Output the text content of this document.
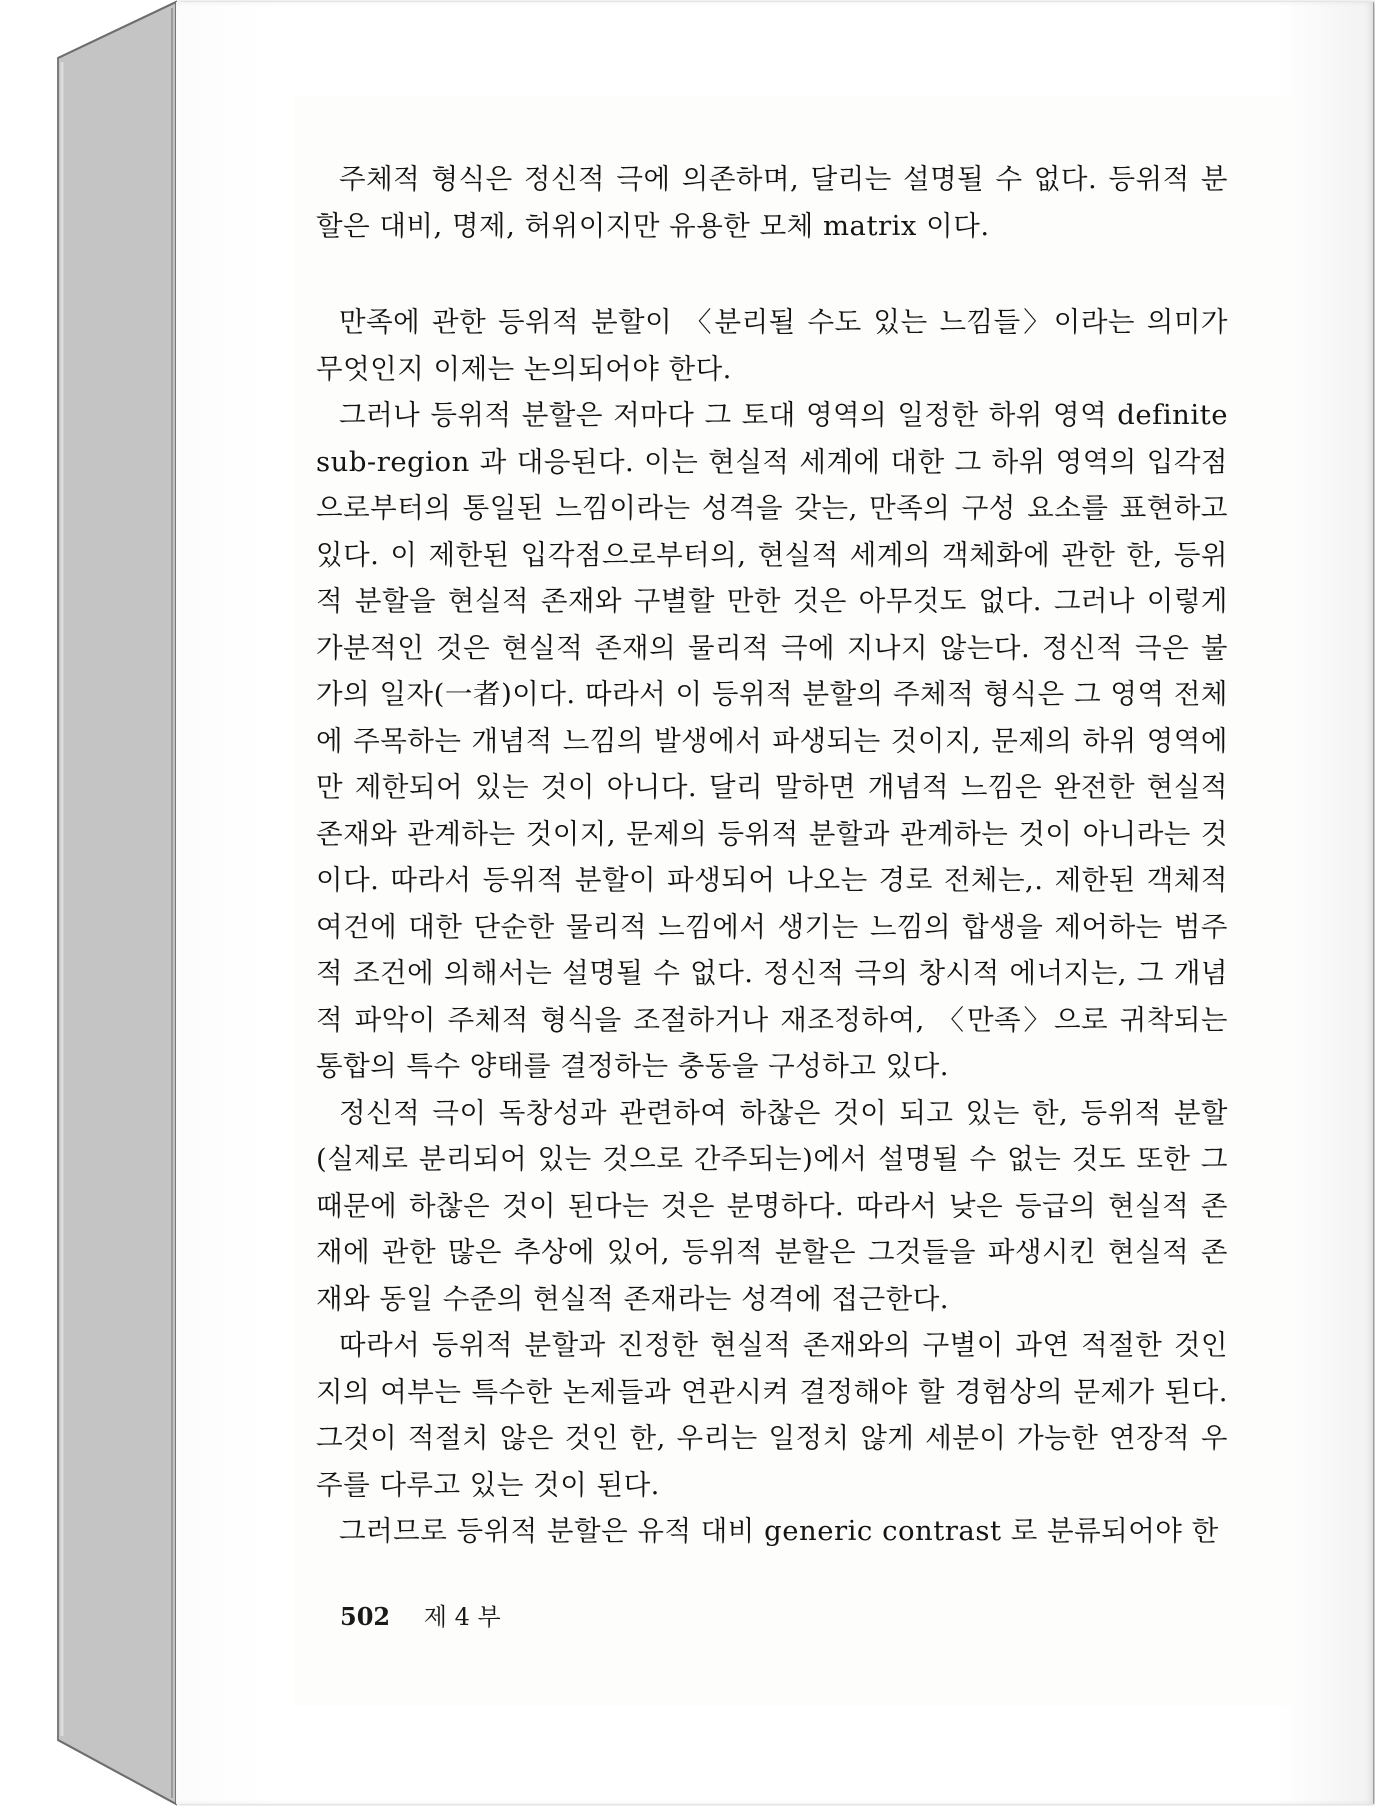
주체적 형식은 정신적 극에 의존하며, 달리는 설명될 수 없다. 등위적 분할은 대비, 명제, 허위이지만 유용한 모체 matrix 이다.

만족에 관한 등위적 분할이 〈분리될 수도 있는 느낌들〉이라는 의미가 무엇인지 이제는 논의되어야 한다.

그러나 등위적 분할은 저마다 그 토대 영역의 일정한 하위 영역 definite sub-region 과 대응된다. 이는 현실적 세계에 대한 그 하위 영역의 입각점으로부터의 통일된 느낌이라는 성격을 갖는, 만족의 구성 요소를 표현하고 있다. 이 제한된 입각점으로부터의, 현실적 세계의 객체화에 관한 한, 등위적 분할을 현실적 존재와 구별할 만한 것은 아무것도 없다. 그러나 이렇게 가분적인 것은 현실적 존재의 물리적 극에 지나지 않는다. 정신적 극은 불가의 일자(一者)이다. 따라서 이 등위적 분할의 주체적 형식은 그 영역 전체에 주목하는 개념적 느낌의 발생에서 파생되는 것이지, 문제의 하위 영역에만 제한되어 있는 것이 아니다. 달리 말하면 개념적 느낌은 완전한 현실적 존재와 관계하는 것이지, 문제의 등위적 분할과 관계하는 것이 아니라는 것이다. 따라서 등위적 분할이 파생되어 나오는 경로 전체는,. 제한된 객체적 여건에 대한 단순한 물리적 느낌에서 생기는 느낌의 합생을 제어하는 범주적 조건에 의해서는 설명될 수 없다. 정신적 극의 창시적 에너지는, 그 개념적 파악이 주체적 형식을 조절하거나 재조정하여, 〈만족〉으로 귀착되는 통합의 특수 양태를 결정하는 충동을 구성하고 있다.

정신적 극이 독창성과 관련하여 하찮은 것이 되고 있는 한, 등위적 분할(실제로 분리되어 있는 것으로 간주되는)에서 설명될 수 없는 것도 또한 그 때문에 하찮은 것이 된다는 것은 분명하다. 따라서 낮은 등급의 현실적 존재에 관한 많은 추상에 있어, 등위적 분할은 그것들을 파생시킨 현실적 존재와 동일 수준의 현실적 존재라는 성격에 접근한다.

따라서 등위적 분할과 진정한 현실적 존재와의 구별이 과연 적절한 것인지의 여부는 특수한 논제들과 연관시켜 결정해야 할 경험상의 문제가 된다. 그것이 적절치 않은 것인 한, 우리는 일정치 않게 세분이 가능한 연장적 우주를 다루고 있는 것이 된다.

그러므로 등위적 분할은 유적 대비 generic contrast 로 분류되어야 한

502 제 4 부
